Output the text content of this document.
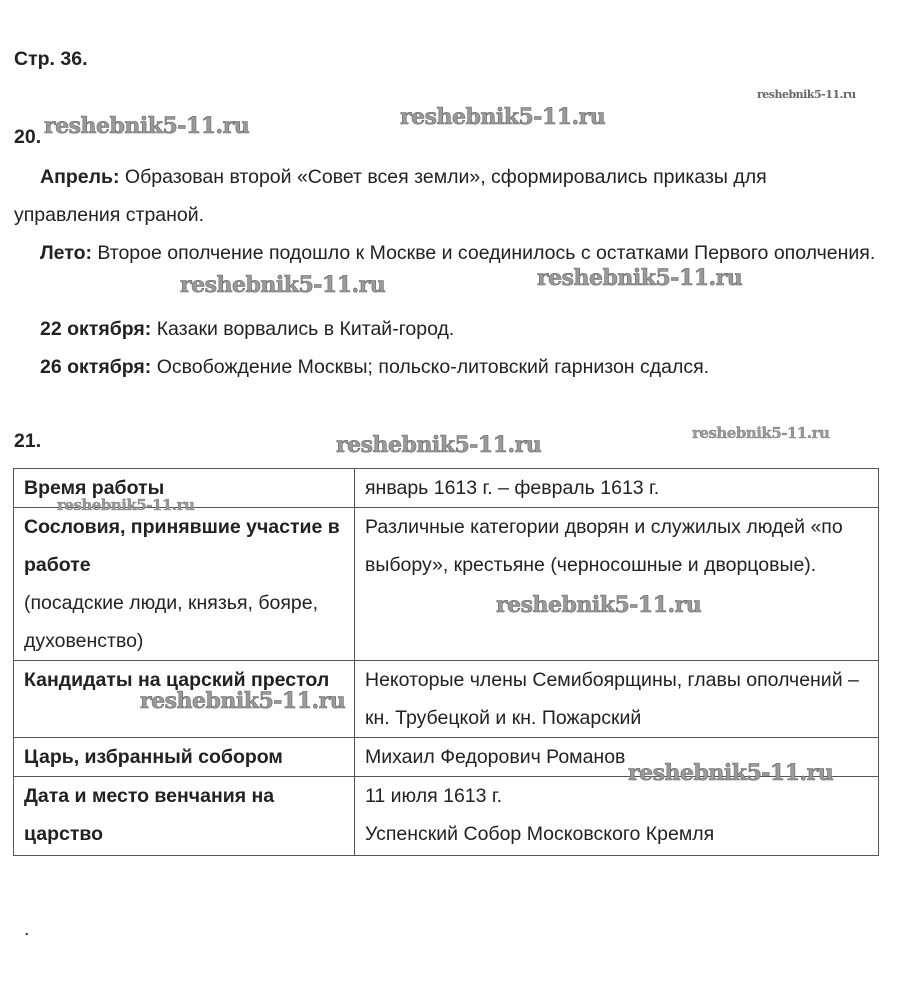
Стр. 36.
20.
Апрель: Образован второй «Совет всея земли», сформировались приказы для управления страной.
Лето: Второе ополчение подошло к Москве и соединилось с остатками Первого ополчения.
22 октября: Казаки ворвались в Китай-город.
26 октября: Освобождение Москвы; польско-литовский гарнизон сдался.
21.
Время работы	январь 1613 г. – февраль 1613 г.

Сословия, принявшие участие в работе
(посадские люди, князья, бояре, духовенство)	Различные категории дворян и служилых людей «по выбору», крестьяне (черносошные и дворцовые).

Кандидаты на царский престол	Некоторые члены Семибоярщины, главы ополчений – кн. Трубецкой и кн. Пожарский

Царь, избранный собором	Михаил Федорович Романов

Дата и место венчания на царство	11 июля 1613 г.
Успенский Собор Московского Кремля
.
reshebnik5-11.ru	reshebnik5-11.ru
reshebnik5-11.ru
reshebnik5-11.ru	reshebnik5-11.ru
reshebnik5-11.ru	reshebnik5-11.ru
reshebnik5-11.ru
reshebnik5-11.ru
reshebnik5-11.ru
reshebnik5-11.ru
